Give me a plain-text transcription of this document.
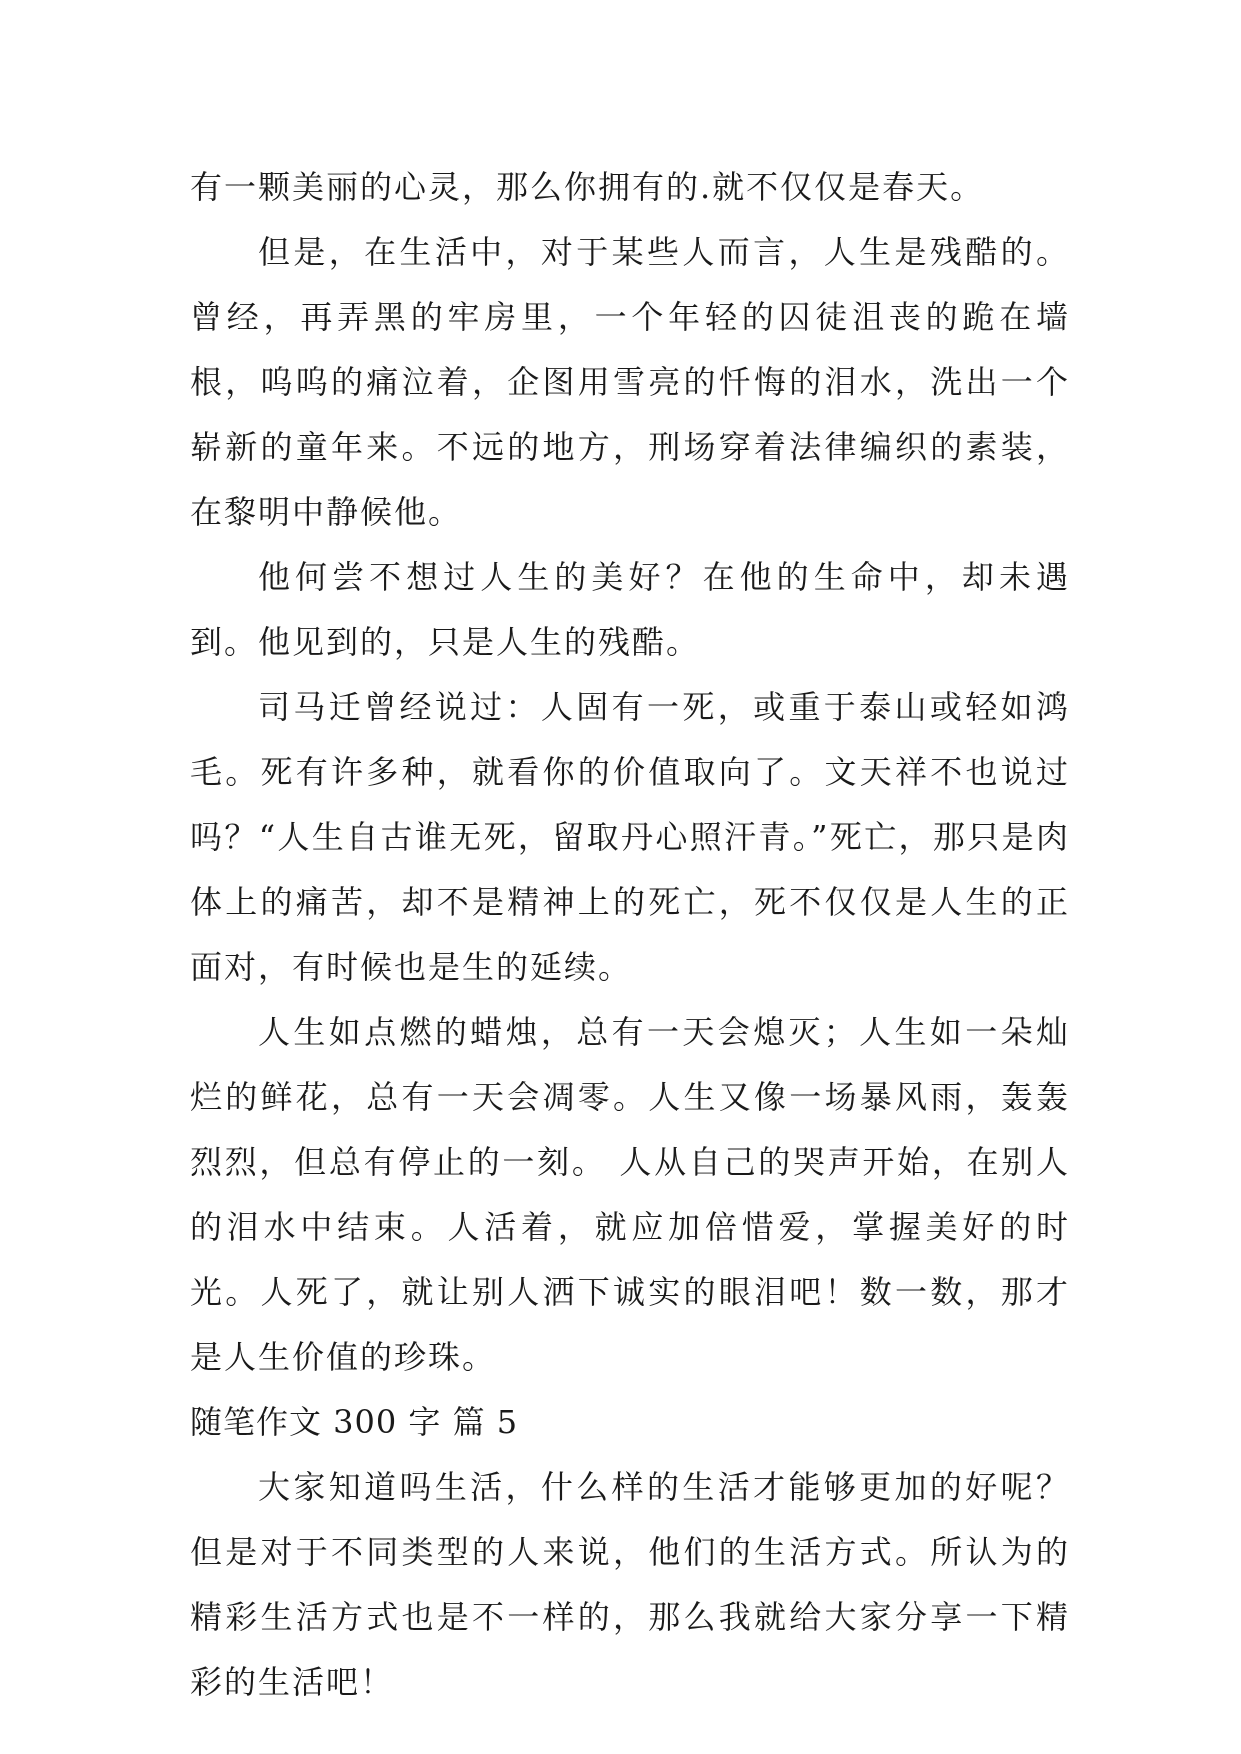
有一颗美丽的心灵，那么你拥有的.就不仅仅是春天。

但是，在生活中，对于某些人而言，人生是残酷的。曾经，再弄黑的牢房里，一个年轻的囚徒沮丧的跪在墙根，呜呜的痛泣着，企图用雪亮的忏悔的泪水，洗出一个崭新的童年来。不远的地方，刑场穿着法律编织的素装，在黎明中静候他。

他何尝不想过人生的美好？在他的生命中，却未遇到。他见到的，只是人生的残酷。

司马迁曾经说过：人固有一死，或重于泰山或轻如鸿毛。死有许多种，就看你的价值取向了。文天祥不也说过吗？“人生自古谁无死，留取丹心照汗青。”死亡，那只是肉体上的痛苦，却不是精神上的死亡，死不仅仅是人生的正面对，有时候也是生的延续。

人生如点燃的蜡烛，总有一天会熄灭；人生如一朵灿烂的鲜花，总有一天会凋零。人生又像一场暴风雨，轰轰烈烈，但总有停止的一刻。 人从自己的哭声开始，在别人的泪水中结束。人活着，就应加倍惜爱，掌握美好的时光。人死了，就让别人洒下诚实的眼泪吧！数一数，那才是人生价值的珍珠。

随笔作文 300 字 篇 5

大家知道吗生活，什么样的生活才能够更加的好呢？但是对于不同类型的人来说，他们的生活方式。所认为的精彩生活方式也是不一样的，那么我就给大家分享一下精彩的生活吧！
